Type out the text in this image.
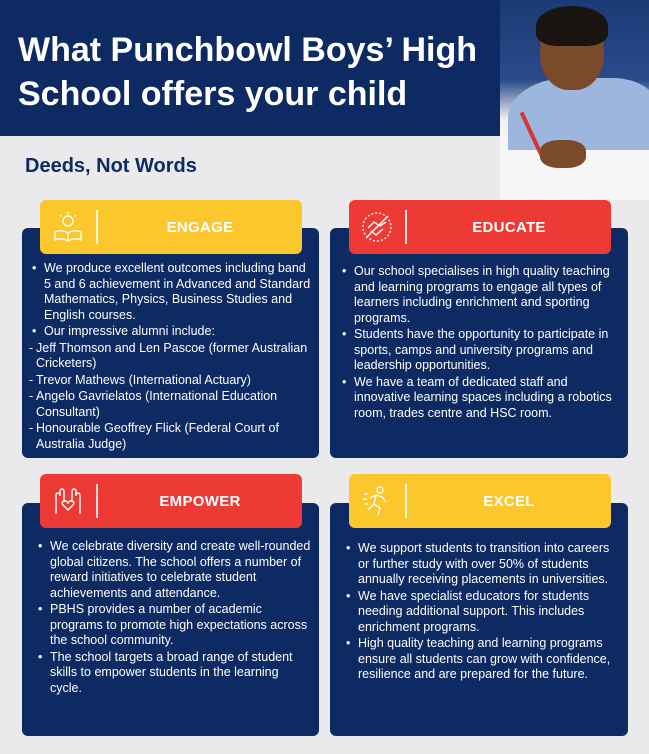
What Punchbowl Boys’ High School offers your child
Deeds, Not Words
• We produce excellent outcomes including band 5 and 6 achievement in Advanced and Standard Mathematics, Physics, Business Studies and English courses.
• Our impressive alumni include:
- Jeff Thomson and Len Pascoe (former Australian Cricketers)
- Trevor Mathews (International Actuary)
- Angelo Gavrielatos (International Education Consultant)
- Honourable Geoffrey Flick (Federal Court of Australia Judge)
ENGAGE
• Our school specialises in high quality teaching and learning programs to engage all types of learners including enrichment and sporting programs.
• Students have the opportunity to participate in sports, camps and university programs and leadership opportunities.
• We have a team of dedicated staff and innovative learning spaces including a robotics room, trades centre and HSC room.
EDUCATE
• We celebrate diversity and create well-rounded global citizens. The school offers a number of reward initiatives to celebrate student achievements and attendance.
• PBHS provides a number of academic programs to promote high expectations across the school community.
• The school targets a broad range of student skills to empower students in the learning cycle.
EMPOWER
• We support students to transition into careers or further study with over 50% of students annually receiving placements in universities.
• We have specialist educators for students needing additional support. This includes enrichment programs.
• High quality teaching and learning programs ensure all students can grow with confidence, resilience and are prepared for the future.
EXCEL
